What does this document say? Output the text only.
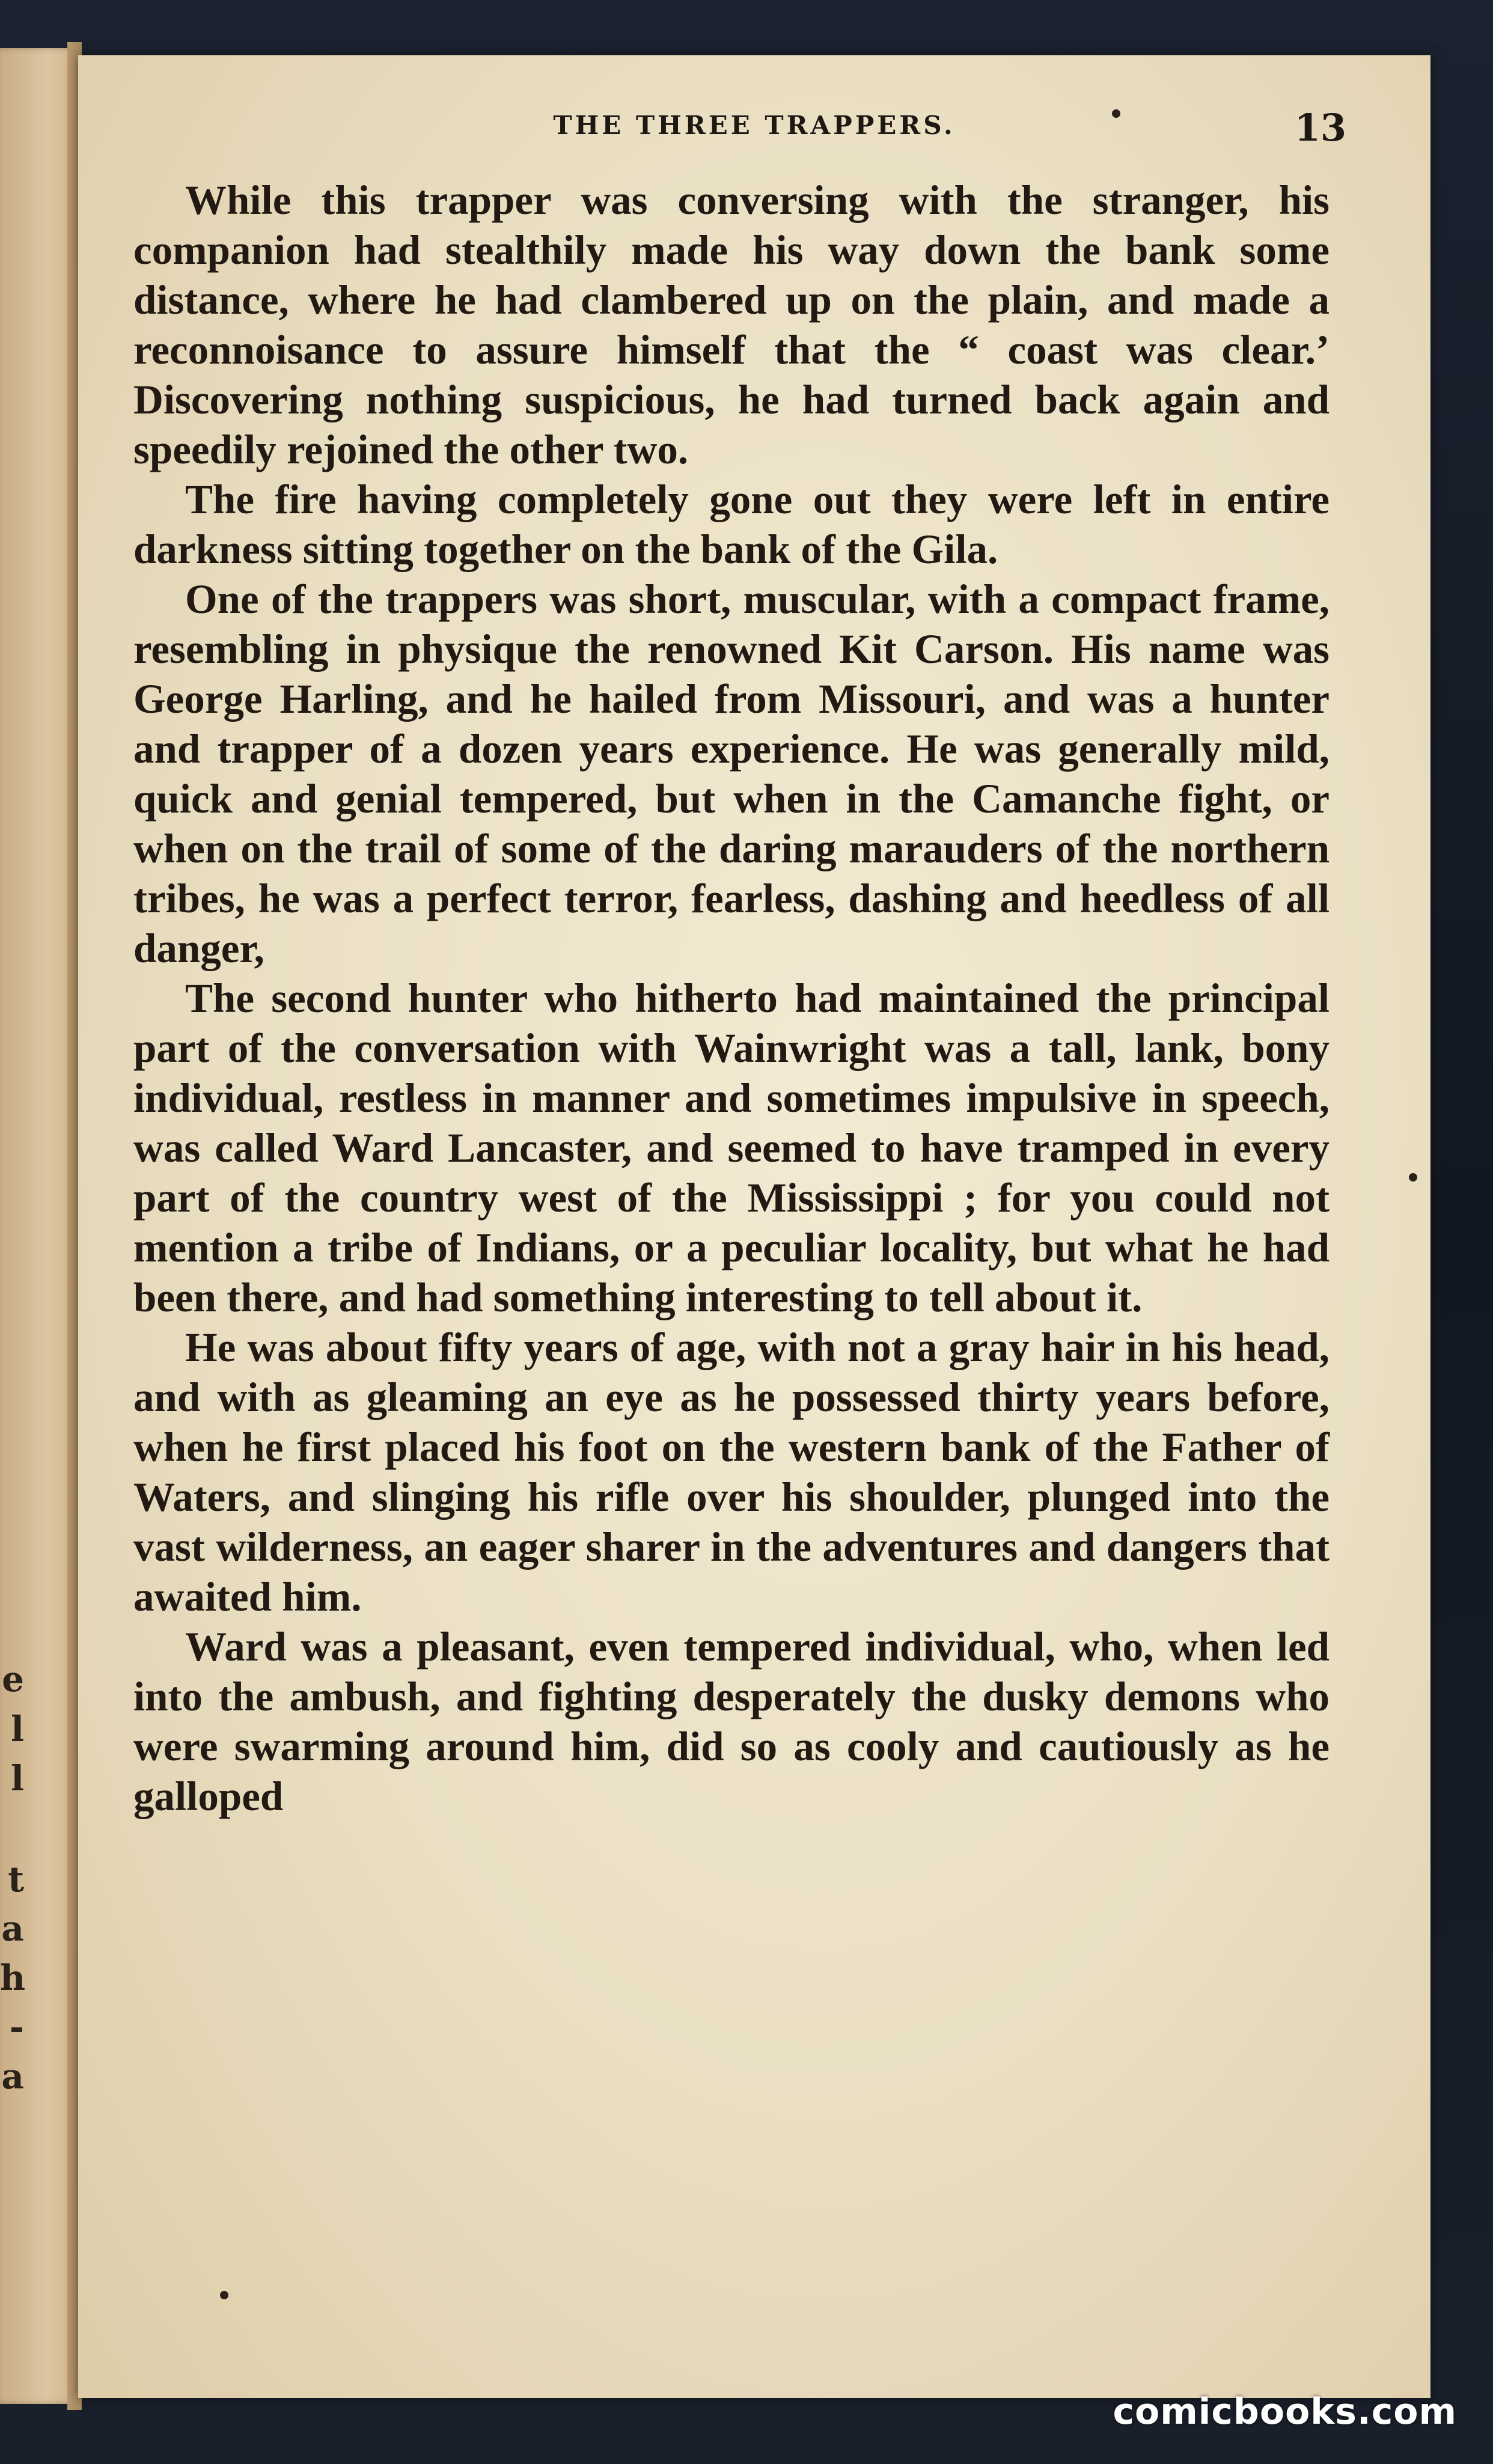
e
l
l
t
a
h
-
a
THE THREE TRAPPERS.	13

While this trapper was conversing with the stranger, his companion had stealthily made his way down the bank some distance, where he had clambered up on the plain, and made a reconnoisance to assure himself that the “ coast was clear.’ Discovering nothing suspicious, he had turned back again and speedily rejoined the other two.

The fire having completely gone out they were left in entire darkness sitting together on the bank of the Gila.

One of the trappers was short, muscular, with a compact frame, resembling in physique the renowned Kit Carson. His name was George Harling, and he hailed from Missouri, and was a hunter and trapper of a dozen years experience. He was generally mild, quick and genial tempered, but when in the Camanche fight, or when on the trail of some of the daring marauders of the northern tribes, he was a perfect terror, fearless, dashing and heedless of all danger,

The second hunter who hitherto had maintained the principal part of the conversation with Wainwright was a tall, lank, bony individual, restless in manner and sometimes impulsive in speech, was called Ward Lancaster, and seemed to have tramped in every part of the country west of the Mississippi ; for you could not mention a tribe of Indians, or a peculiar locality, but what he had been there, and had something interesting to tell about it.

He was about fifty years of age, with not a gray hair in his head, and with as gleaming an eye as he possessed thirty years before, when he first placed his foot on the western bank of the Father of Waters, and slinging his rifle over his shoulder, plunged into the vast wilderness, an eager sharer in the adventures and dangers that awaited him.

Ward was a pleasant, even tempered individual, who, when led into the ambush, and fighting desperately the dusky demons who were swarming around him, did so as cooly and cautiously as he galloped

comicbooks.com
